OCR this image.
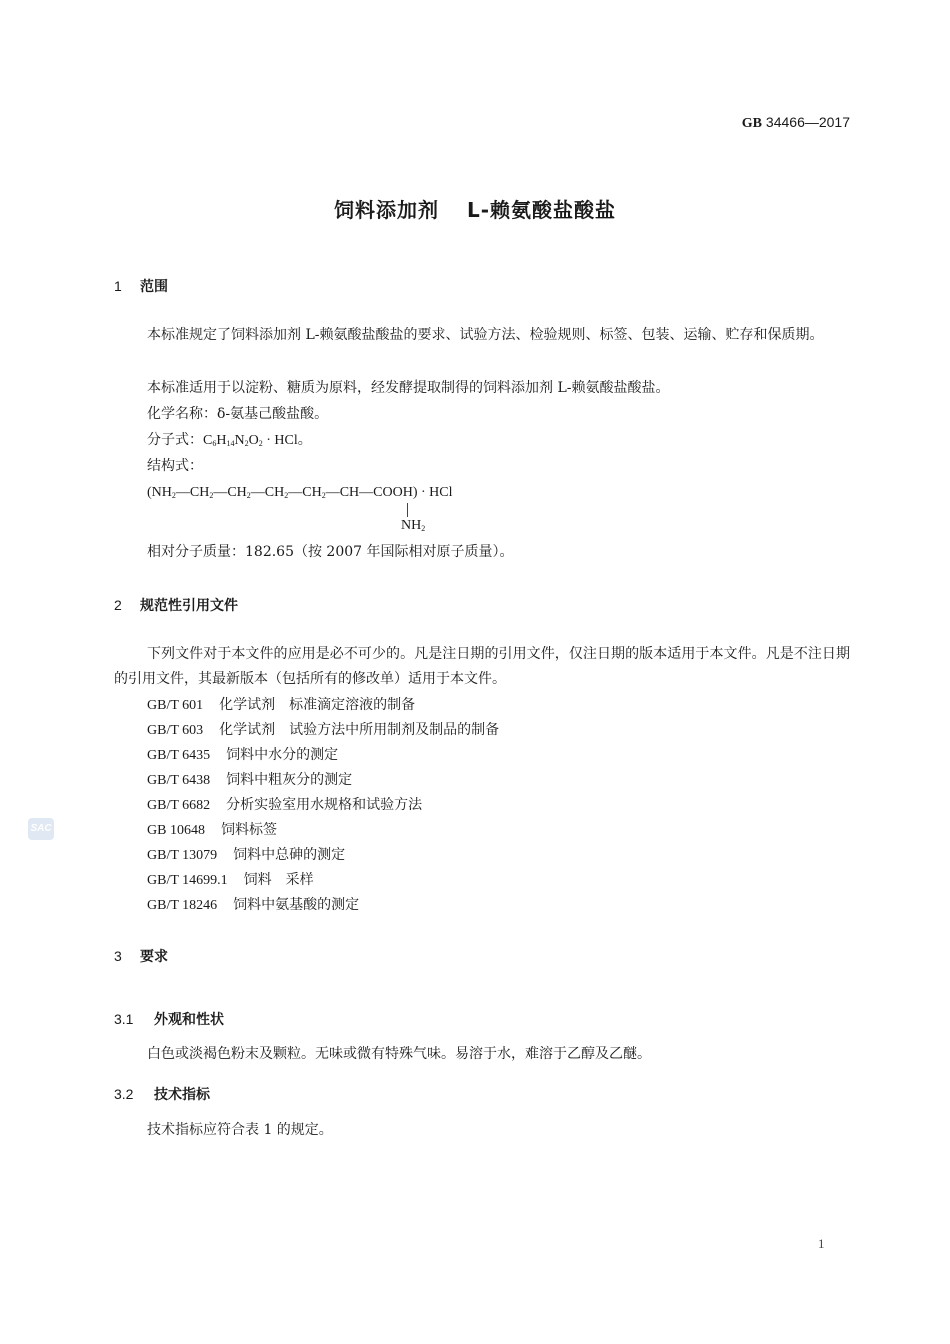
GB 34466—2017
饲料添加剂 L-赖氨酸盐酸盐
1 范围
本标准规定了饲料添加剂 L-赖氨酸盐酸盐的要求、试验方法、检验规则、标签、包装、运输、贮存和保质期。
本标准适用于以淀粉、糖质为原料，经发酵提取制得的饲料添加剂 L-赖氨酸盐酸盐。
化学名称：δ-氨基己酸盐酸。
分子式：$C_6H_{14}N_2O_2$ · HCl。
结构式：
$(NH_2—CH_2—CH_2—CH_2—CH_2—CH—COOH)$ · HCl
$NH_2$
相对分子质量：182.65（按 2007 年国际相对原子质量）。
2 规范性引用文件
下列文件对于本文件的应用是必不可少的。凡是注日期的引用文件，仅注日期的版本适用于本文件。凡是不注日期的引用文件，其最新版本（包括所有的修改单）适用于本文件。
GB/T 601 化学试剂　标准滴定溶液的制备
GB/T 603 化学试剂　试验方法中所用制剂及制品的制备
GB/T 6435 饲料中水分的测定
GB/T 6438 饲料中粗灰分的测定
GB/T 6682 分析实验室用水规格和试验方法
GB 10648 饲料标签
GB/T 13079 饲料中总砷的测定
GB/T 14699.1 饲料　采样
GB/T 18246 饲料中氨基酸的测定
SAC
3 要求
3.1 外观和性状
白色或淡褐色粉末及颗粒。无味或微有特殊气味。易溶于水，难溶于乙醇及乙醚。
3.2 技术指标
技术指标应符合表 1 的规定。
1
